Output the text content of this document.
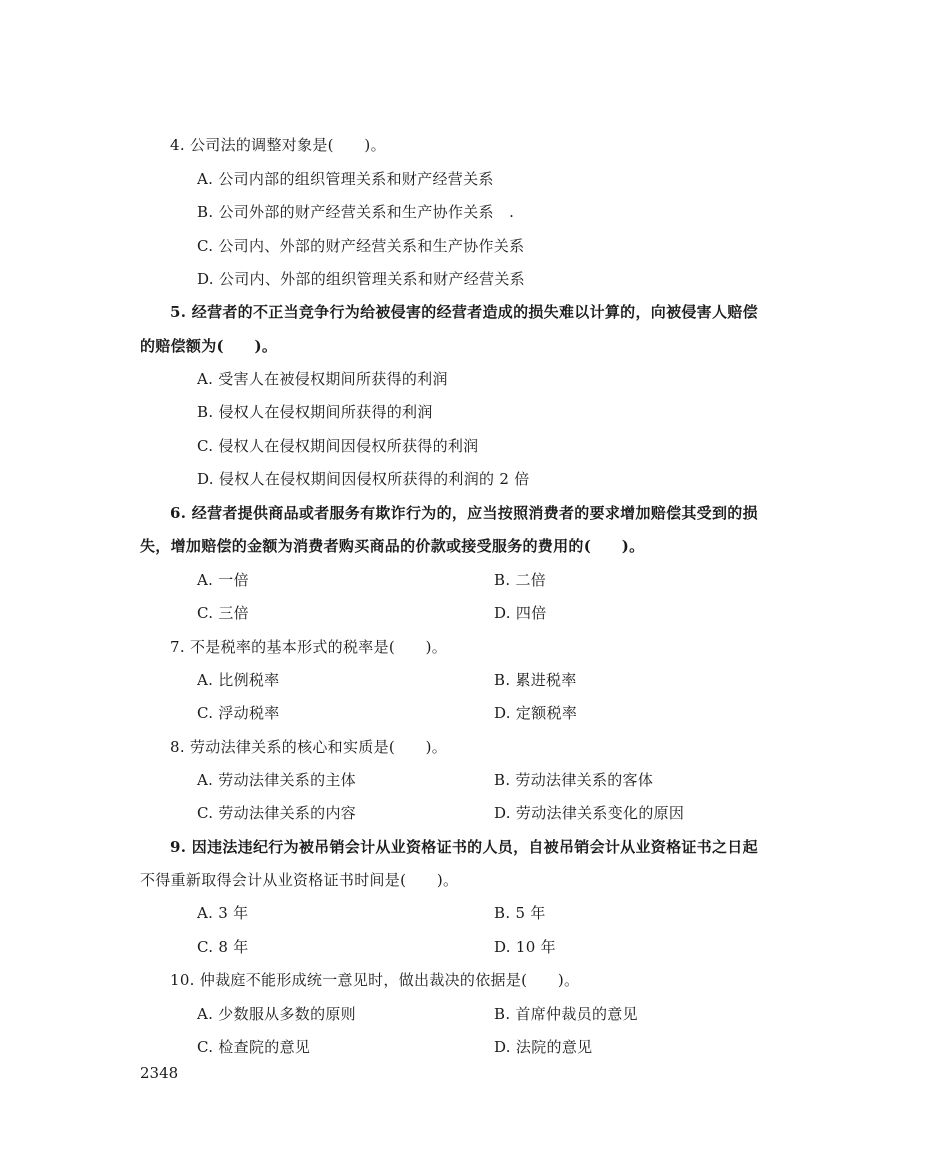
4. 公司法的调整对象是(　　)。
A. 公司内部的组织管理关系和财产经营关系
B. 公司外部的财产经营关系和生产协作关系　.
C. 公司内、外部的财产经营关系和生产协作关系
D. 公司内、外部的组织管理关系和财产经营关系
5. 经营者的不正当竞争行为给被侵害的经营者造成的损失难以计算的，向被侵害人赔偿
的赔偿额为(　　)。
A. 受害人在被侵权期间所获得的利润
B. 侵权人在侵权期间所获得的利润
C. 侵权人在侵权期间因侵权所获得的利润
D. 侵权人在侵权期间因侵权所获得的利润的 2 倍
6. 经营者提供商品或者服务有欺诈行为的，应当按照消费者的要求增加赔偿其受到的损
失，增加赔偿的金额为消费者购买商品的价款或接受服务的费用的(　　)。
A. 一倍	B. 二倍
C. 三倍	D. 四倍
7. 不是税率的基本形式的税率是(　　)。
A. 比例税率	B. 累进税率
C. 浮动税率	D. 定额税率
8. 劳动法律关系的核心和实质是(　　)。
A. 劳动法律关系的主体	B. 劳动法律关系的客体
C. 劳动法律关系的内容	D. 劳动法律关系变化的原因
9. 因违法违纪行为被吊销会计从业资格证书的人员，自被吊销会计从业资格证书之日起
不得重新取得会计从业资格证书时间是(　　)。
A. 3 年	B. 5 年
C. 8 年	D. 10 年
10. 仲裁庭不能形成统一意见时，做出裁决的依据是(　　)。
A. 少数服从多数的原则	B. 首席仲裁员的意见
C. 检查院的意见	D. 法院的意见
2348
